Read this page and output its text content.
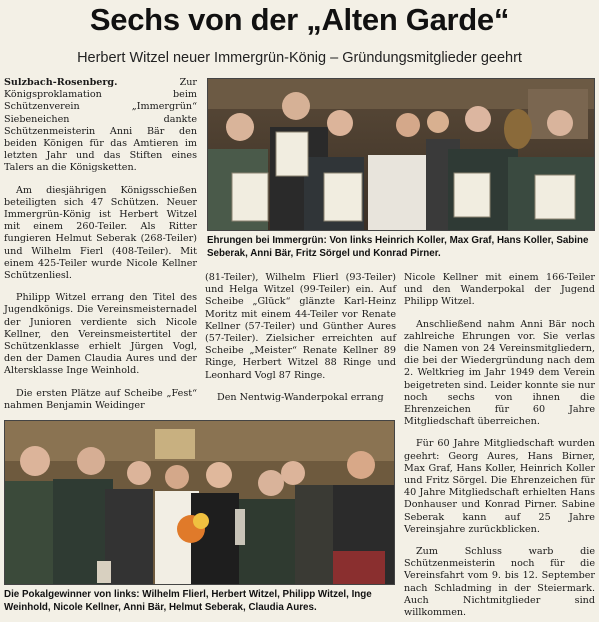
Sechs von der „Alten Garde“
Herbert Witzel neuer Immergrün-König – Gründungsmitglieder geehrt

Sulzbach-Rosenberg.	Zur Königsproklamation beim Schützenverein „Immergrün“ Siebeneichen dankte Schützenmeisterin Anni Bär den beiden Königen für das Amtieren im letzten Jahr und das Stiften eines Talers an die Königsketten.

Am diesjährigen Königsschießen beteiligten sich 47 Schützen. Neuer Immergrün-König ist Herbert Witzel mit einem 260-Teiler. Als Ritter fungieren Helmut Seberak (268-Teiler) und Wilhelm Fierl (408-Teiler). Mit einem 425-Teiler wurde Nicole Kellner Schützenliesl.

Philipp Witzel errang den Titel des Jugendkönigs. Die Vereinsmeisternadel der Junioren verdiente sich Nicole Kellner, den Vereinsmeistertitel der Schützenklasse erhielt Jürgen Vogl, den der Damen Claudia Aures und der Altersklasse Inge Weinhold.

Die ersten Plätze auf Scheibe „Fest“ nahmen Benjamin Weidinger

Ehrungen bei Immergrün: Von links Heinrich Koller, Max Graf, Hans Koller, Sabine Seberak, Anni Bär, Fritz Sörgel und Konrad Pirner.

(81-Teiler), Wilhelm Flierl (93-Teiler) und Helga Witzel (99-Teiler) ein. Auf Scheibe „Glück“ glänzte Karl-Heinz Moritz mit einem 44-Teiler vor Renate Kellner (57-Teiler) und Günther Aures (57-Teiler). Zielsicher erreichten auf Scheibe „Meister“ Renate Kellner 89 Ringe, Herbert Witzel 88 Ringe und Leonhard Vogl 87 Ringe.

Den Nentwig-Wanderpokal errang

Nicole Kellner mit einem 166-Teiler und den Wanderpokal der Jugend Philipp Witzel.

Anschließend nahm Anni Bär noch zahlreiche Ehrungen vor. Sie verlas die Namen von 24 Vereinsmitgliedern, die bei der Wiedergründung nach dem 2. Weltkrieg im Jahr 1949 dem Verein beigetreten sind. Leider konnte sie nur noch sechs von ihnen die Ehrenzeichen für 60 Jahre Mitgliedschaft überreichen.

Für 60 Jahre Mitgliedschaft wurden geehrt: Georg Aures, Hans Birner, Max Graf, Hans Koller, Heinrich Koller und Fritz Sörgel. Die Ehrenzeichen für 40 Jahre Mitgliedschaft erhielten Hans Donhauser und Konrad Pirner. Sabine Seberak kann auf 25 Jahre Vereinsjahre zurückblicken.

Zum Schluss warb die Schützenmeisterin noch für die Vereinsfahrt vom 9. bis 12. September nach Schladming in der Steiermark. Auch Nichtmitglieder sind willkommen.

Die Pokalgewinner von links: Wilhelm Flierl, Herbert Witzel, Philipp Witzel, Inge Weinhold, Nicole Kellner, Anni Bär, Helmut Seberak, Claudia Aures.
